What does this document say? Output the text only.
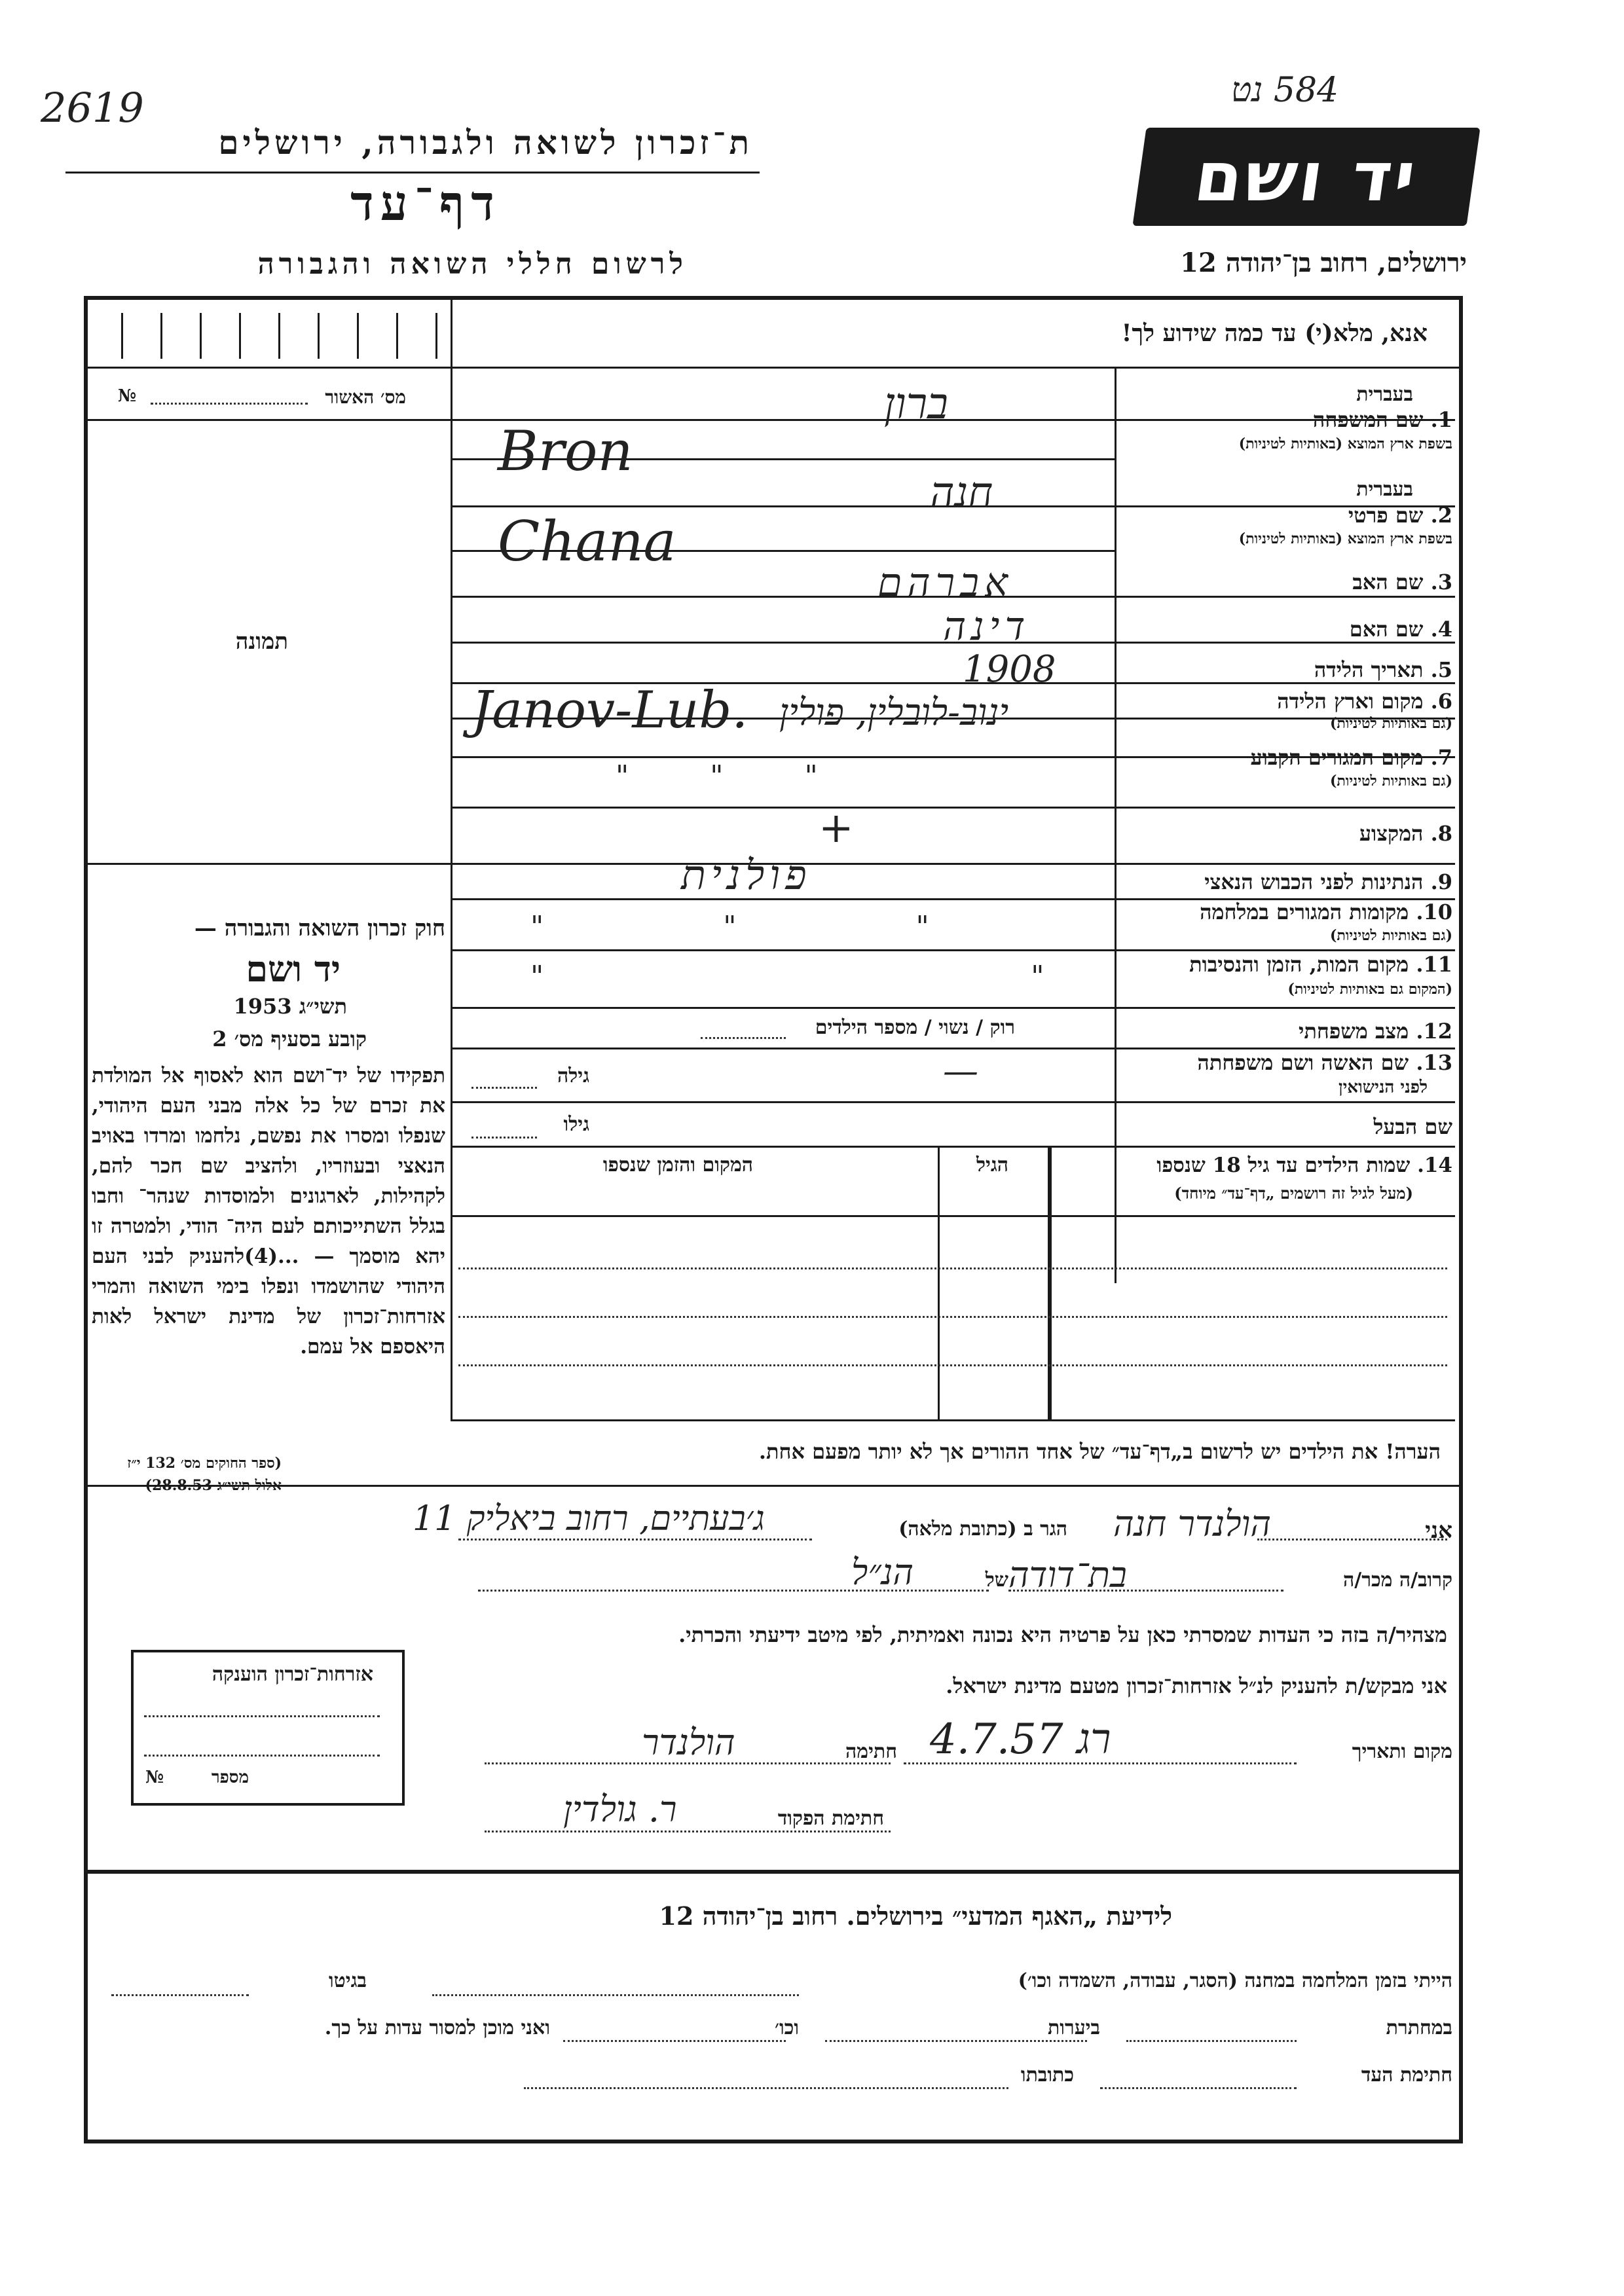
2619	584 נט
ת־זכרון לשואה ולגבורה, ירושלים
דף־עד
לרשום חללי השואה והגבורה
יד ושם
ירושלים, רחוב בן־יהודה 12
אנא, מלא(י) עד כמה שידוע לך!
№	מס׳ האשור
תמונה
חוק זכרון השואה והגבורה —
יד ושם
תשי״ג 1953
קובע בסעיף מס׳ 2
תפקידו של יד־ושם הוא לאסוף אל המולדת את זכרם של כל אלה מבני העם היהודי, שנפלו ומסרו את נפשם, נלחמו ומרדו באויב הנאצי ובעוזריו, ולהציב שם חכר להם, לקהילות, לארגונים ולמוסדות שנהר־ וחבו בגלל השתייכותם לעם היה־ הודי, ולמטרה זו יהא מוסמך — ...(4)להעניק לבני העם היהודי שהושמדו ונפלו בימי השואה והמרי אזרחות־זכרון של מדינת ישראל לאות היאספם אל עמם.
(ספר החוקים מס׳ 132 י״ז אלול תשי״ג 28.8.53)
בעברית
1. שם המשפחה
בשפת ארץ המוצא (באותיות לטיניות)
ברון
Bron
בעברית
2. שם פרטי
בשפת ארץ המוצא (באותיות לטיניות)
חנה
Chana
3. שם האב
אברהם
4. שם האם
דינה
5. תאריך הלידה
1908
6. מקום וארץ הלידה
(גם באותיות לטיניות)
Janov-Lub. ינוב-לובלין, פולין
7. מקום המגורים הקבוע
(גם באותיות לטיניות)
" " "
8. המקצוע
+
9. הנתינות לפני הכבוש הנאצי
פולנית
10. מקומות המגורים במלחמה
(גם באותיות לטיניות)
" " "
11. מקום המות, הזמן והנסיבות
(המקום גם באותיות לטיניות)
" "
12. מצב משפחתי
רוק / נשוי / מספר הילדים
13. שם האשה ושם משפחתה
לפני הנישואין
—
גילה
שם הבעל
גילו
14. שמות הילדים עד גיל 18 שנספו
(מעל לגיל זה רושמים „דף־עד״ מיוחד)
הגיל
המקום והזמן שנספו
הערה! את הילדים יש לרשום ב„דף־עד״ של אחד ההורים אך לא יותר מפעם אחת.
אני
הולנדר חנה
הגר ב (כתובת מלאה)
ג׳בעתיים, רחוב ביאליק 11
קרוב/ה מכר/ה
בת־דודה
של
הנ״ל
מצהיר/ה בזה כי העדות שמסרתי כאן על פרטיה היא נכונה ואמיתית, לפי מיטב ידיעתי והכרתי.
אני מבקש/ת להעניק לנ״ל אזרחות־זכרון מטעם מדינת ישראל.
אזרחות־זכרון הוענקה
מספר
№
מקום ותאריך
רג 4.7.57
חתימה
הולנדר
חתימת הפקוד
ר. גולדין
לידיעת „האגף המדעי״ בירושלים. רחוב בן־יהודה 12
הייתי בזמן המלחמה במחנה (הסגר, עבודה, השמדה וכו׳)
בגיטו
במחתרת
ביערות
וכו׳
ואני מוכן למסור עדות על כך.
חתימת העד
כתובתו
